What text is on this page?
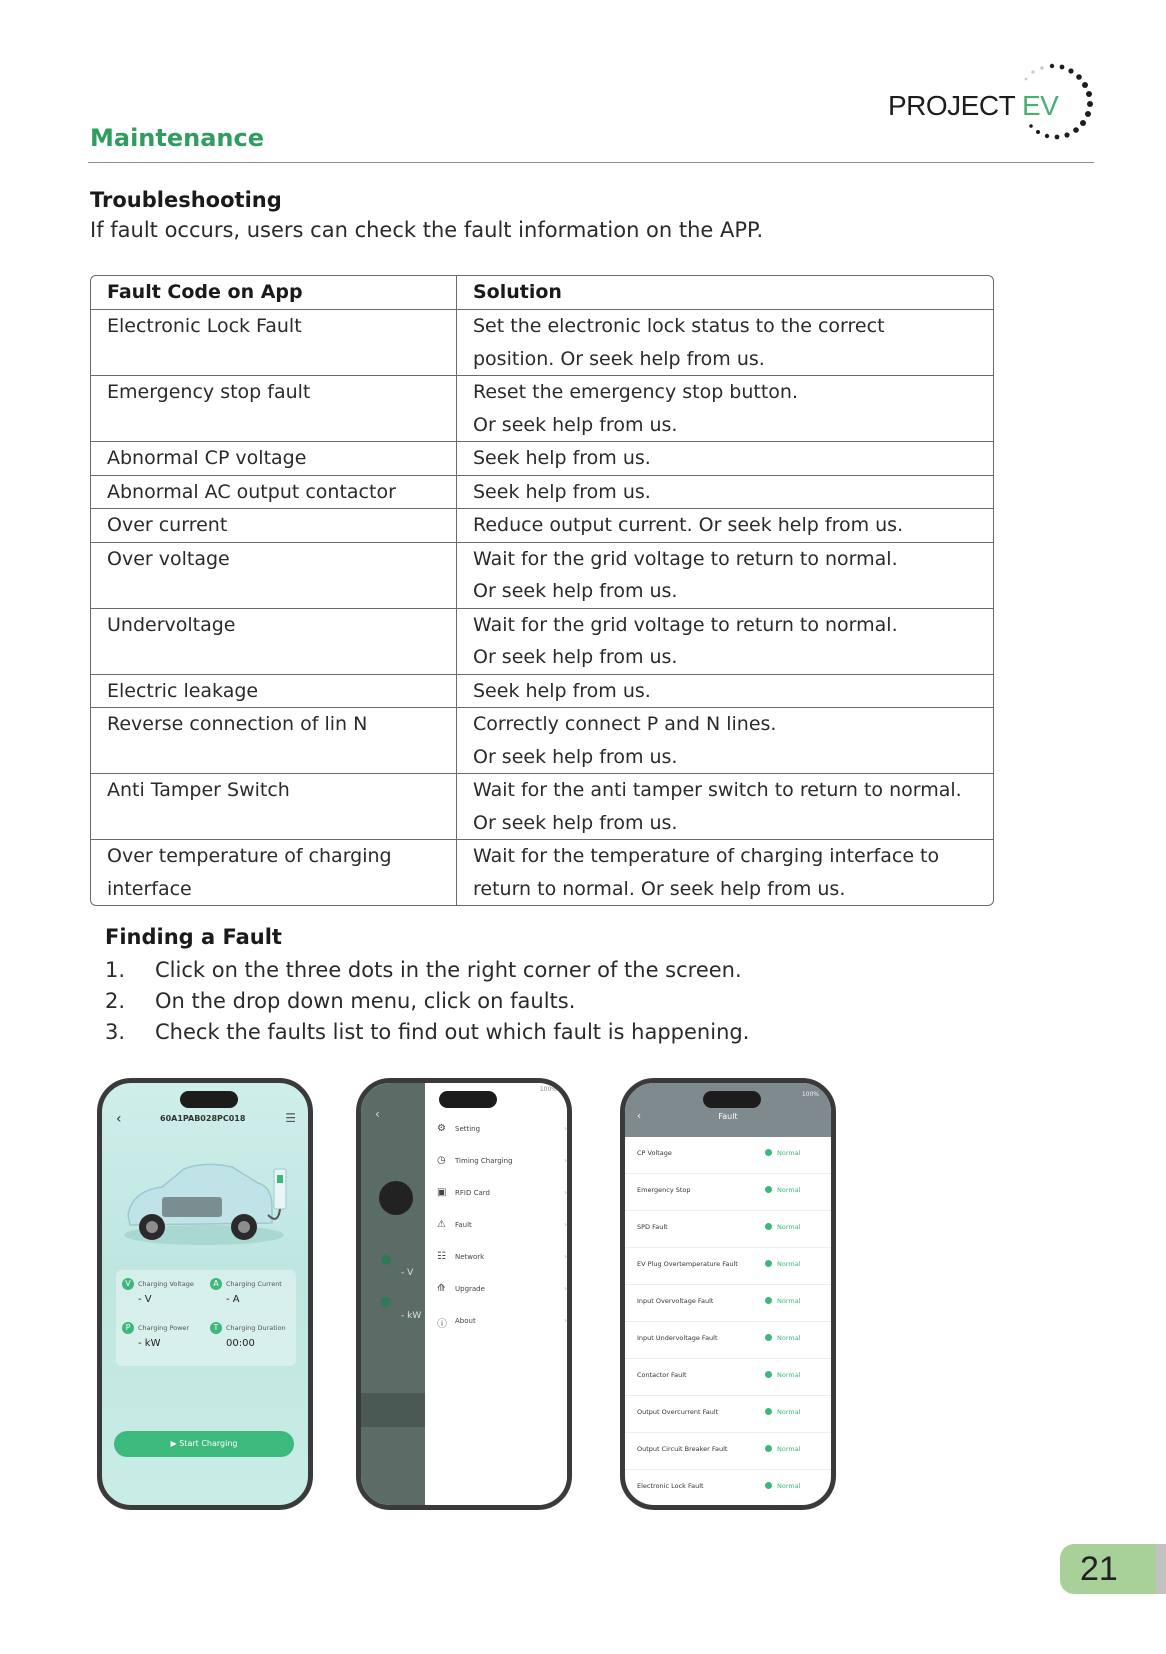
PROJECT EV
Maintenance
Troubleshooting
If fault occurs, users can check the fault information on the APP.
Fault Code on App	Solution
Electronic Lock Fault	Set the electronic lock status to the correct
position. Or seek help from us.
Emergency stop fault	Reset the emergency stop button.
Or seek help from us.
Abnormal CP voltage	Seek help from us.
Abnormal AC output contactor	Seek help from us.
Over current	Reduce output current. Or seek help from us.
Over voltage	Wait for the grid voltage to return to normal.
Or seek help from us.
Undervoltage	Wait for the grid voltage to return to normal.
Or seek help from us.
Electric leakage	Seek help from us.
Reverse connection of lin N	Correctly connect P and N lines.
Or seek help from us.
Anti Tamper Switch	Wait for the anti tamper switch to return to normal.
Or seek help from us.
Over temperature of charging
interface	Wait for the temperature of charging interface to
return to normal. Or seek help from us.
Finding a Fault
1. Click on the three dots in the right corner of the screen.
2. On the drop down menu, click on faults.
3. Check the faults list to find out which fault is happening.
‹	60A1PAB028PC018	☰
V	Charging Voltage
- V
A	Charging Current
- A
P	Charging Power
- kW
T	Charging Duration
00:00
▶ Start Charging
‹
- V
- kW
100%
⚙ Setting	›
◷ Timing Charging	›
▣ RFID Card	›
⚠ Fault	›
☷ Network	›
⟰ Upgrade	›
ⓘ About	›
‹	Fault
100%
CP Voltage	Normal
Emergency Stop	Normal
SPD Fault	Normal
EV Plug Overtemperature Fault	Normal
Input Overvoltage Fault	Normal
Input Undervoltage Fault	Normal
Contactor Fault	Normal
Output Overcurrent Fault	Normal
Output Circuit Breaker Fault	Normal
Electronic Lock Fault	Normal
21
